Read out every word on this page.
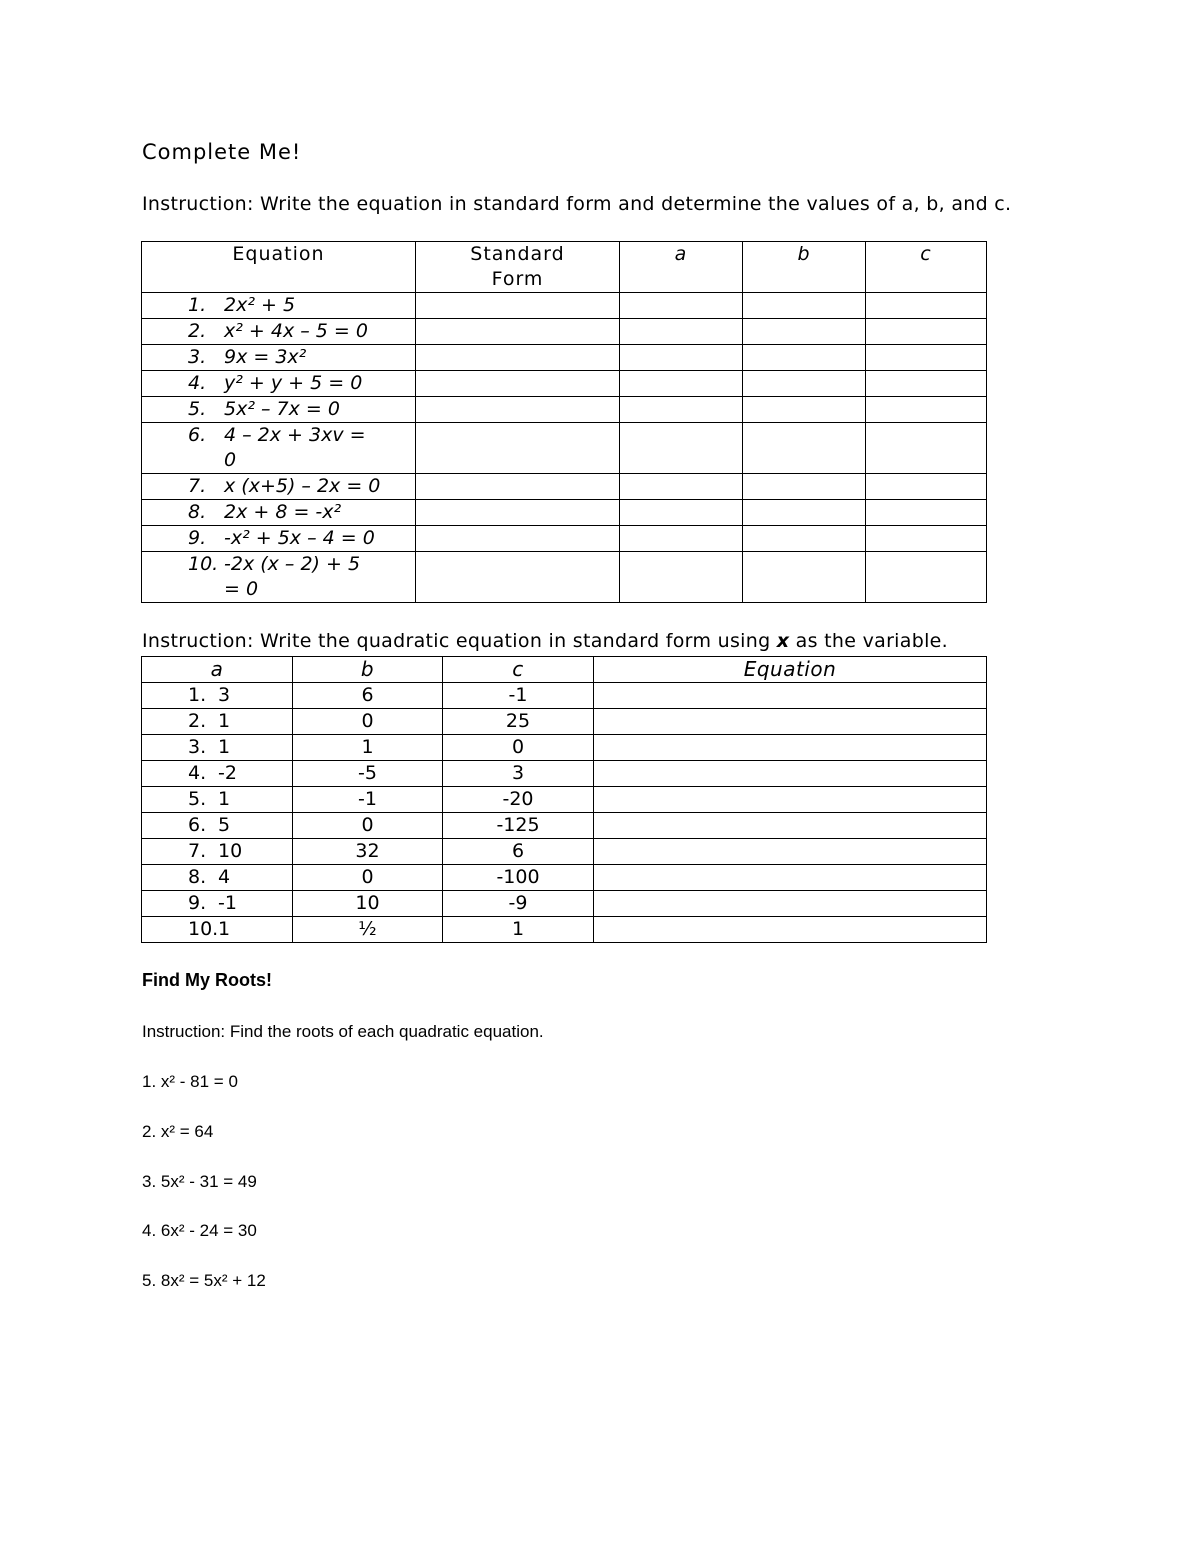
Complete Me!
Instruction: Write the equation in standard form and determine the values of a, b, and c.
Equation	Standard Form	a	b	c

1. 2x² + 5				

2. x² + 4x – 5 = 0				

3. 9x = 3x²				

4. y² + y + 5 = 0				

5. 5x² – 7x = 0				

6. 4 – 2x + 3xv = 0				

7. x (x+5) – 2x = 0				

8. 2x + 8 = -x²				

9. -x² + 5x – 4 = 0				

10. -2x (x – 2) + 5 = 0				

Instruction: Write the quadratic equation in standard form using x as the variable.
a	b	c	Equation
1. 3	6	-1	
2. 1	0	25	
3. 1	1	0	
4. -2	-5	3	
5. 1	-1	-20	
6. 5	0	-125	
7. 10	32	6	
8. 4	0	-100	
9. -1	10	-9	
10.1	½	1	
Find My Roots!
Instruction: Find the roots of each quadratic equation.
1. x² - 81 = 0
2. x² = 64
3. 5x² - 31 = 49
4. 6x² - 24 = 30
5. 8x² = 5x² + 12
